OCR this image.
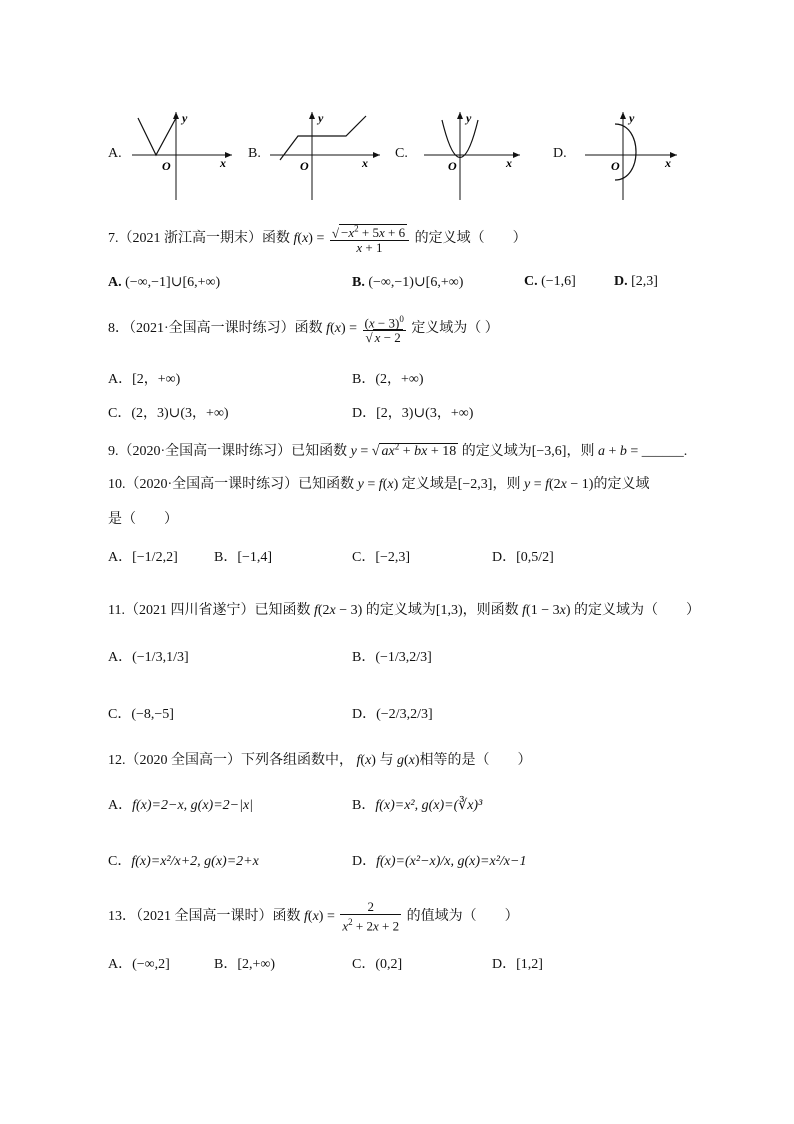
A.
O	x
y
B.
O	x
y
C.
O	x
y
D.
O	x
y
7.（2021 浙江高一期末）函数 $f(x) = \frac{√ -x^2 + 5x + 6}{x + 1}$ 的定义域（　　）
A. (−∞,−1]∪[6,+∞)	B. (−∞,−1)∪[6,+∞)	C. (−1,6]	D. [2,3]
8．（2021·全国高一课时练习）函数 $f(x) = \frac{(x - 3)^0}{√ x - 2}$ 定义域为（ ）
A．[2，+∞)	B．(2，+∞)
C．(2，3)∪(3，+∞)	D．[2，3)∪(3，+∞)
9.（2020·全国高一课时练习）已知函数 y = √ $ax^2$ + bx + 18 的定义域为[−3,6]，则 a + b = ______.
10.（2020·全国高一课时练习）已知函数 y = f(x) 定义域是[−2,3]，则 y = f(2x − 1)的定义域
是（　　）
A．[−1/2,2]	B．[−1,4]	C．[−2,3]	D．[0,5/2]
11.（2021 四川省遂宁）已知函数 f(2x − 3) 的定义域为[1,3)，则函数 f(1 − 3x) 的定义域为（　　）
A．(−1/3,1/3]	B．(−1/3,2/3]
C．(−8,−5]	D．(−2/3,2/3]
12.（2020 全国高一）下列各组函数中， f(x) 与 g(x)相等的是（　　）
A．f(x)=2−x, g(x)=2−|x|	B．f(x)=x², g(x)=(∛x)³
C．f(x)=x²/x+2, g(x)=2+x	D．f(x)=(x²−x)/x, g(x)=x²/x−1
13．（2021 全国高一课时）函数 $f(x) = \frac{2}{x^2 + 2x + 2}$ 的值域为（　　）
A．(−∞,2]	B．[2,+∞)	C．(0,2]	D．[1,2]
